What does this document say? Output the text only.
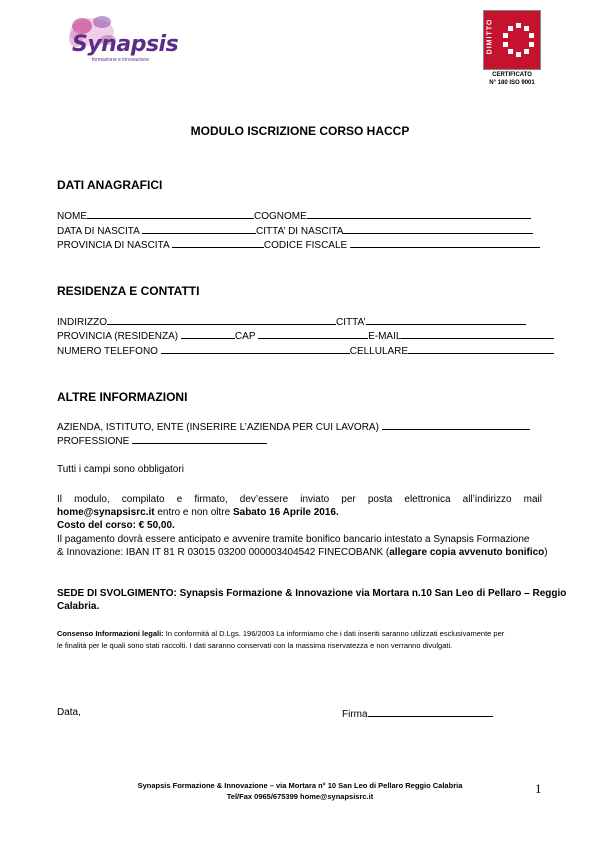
Synapsis
formazione e innovazione
DIMITTO
CERTIFICATO
N° 180 ISO 9001
MODULO ISCRIZIONE CORSO HACCP
DATI ANAGRAFICI
NOME	COGNOME
DATA DI NASCITA	CITTA’ DI NASCITA
PROVINCIA DI NASCITA	CODICE FISCALE
RESIDENZA E CONTATTI
INDIRIZZO	CITTA’
PROVINCIA (RESIDENZA)	CAP	E-MAIL
NUMERO TELEFONO	CELLULARE
ALTRE INFORMAZIONI
AZIENDA, ISTITUTO, ENTE (INSERIRE L’AZIENDA PER CUI LAVORA)
PROFESSIONE
Tutti i campi sono obbligatori
Il modulo, compilato e firmato, dev’essere inviato per posta elettronica all’indirizzo mail
home@synapsisrc.it entro e non oltre Sabato 16 Aprile 2016.
Costo del corso: € 50,00.
Il pagamento dovrà essere anticipato e avvenire tramite bonifico bancario intestato a Synapsis Formazione
& Innovazione: IBAN IT 81 R 03015 03200 000003404542 FINECOBANK (allegare copia avvenuto bonifico)
SEDE DI SVOLGIMENTO: Synapsis Formazione & Innovazione via Mortara n.10 San Leo di Pellaro – Reggio
Calabria.
Consenso Informazioni legali: In conformità al D.Lgs. 196/2003 La informiamo che i dati inseriti saranno utilizzati esclusivamente per
le finalità per le quali sono stati raccolti. I dati saranno conservati con la massima riservatezza e non verranno divulgati.
Data,	Firma
Synapsis Formazione & Innovazione – via Mortara n° 10 San Leo di Pellaro Reggio Calabria
Tel/Fax 0965/675399 home@synapsisrc.it
1
